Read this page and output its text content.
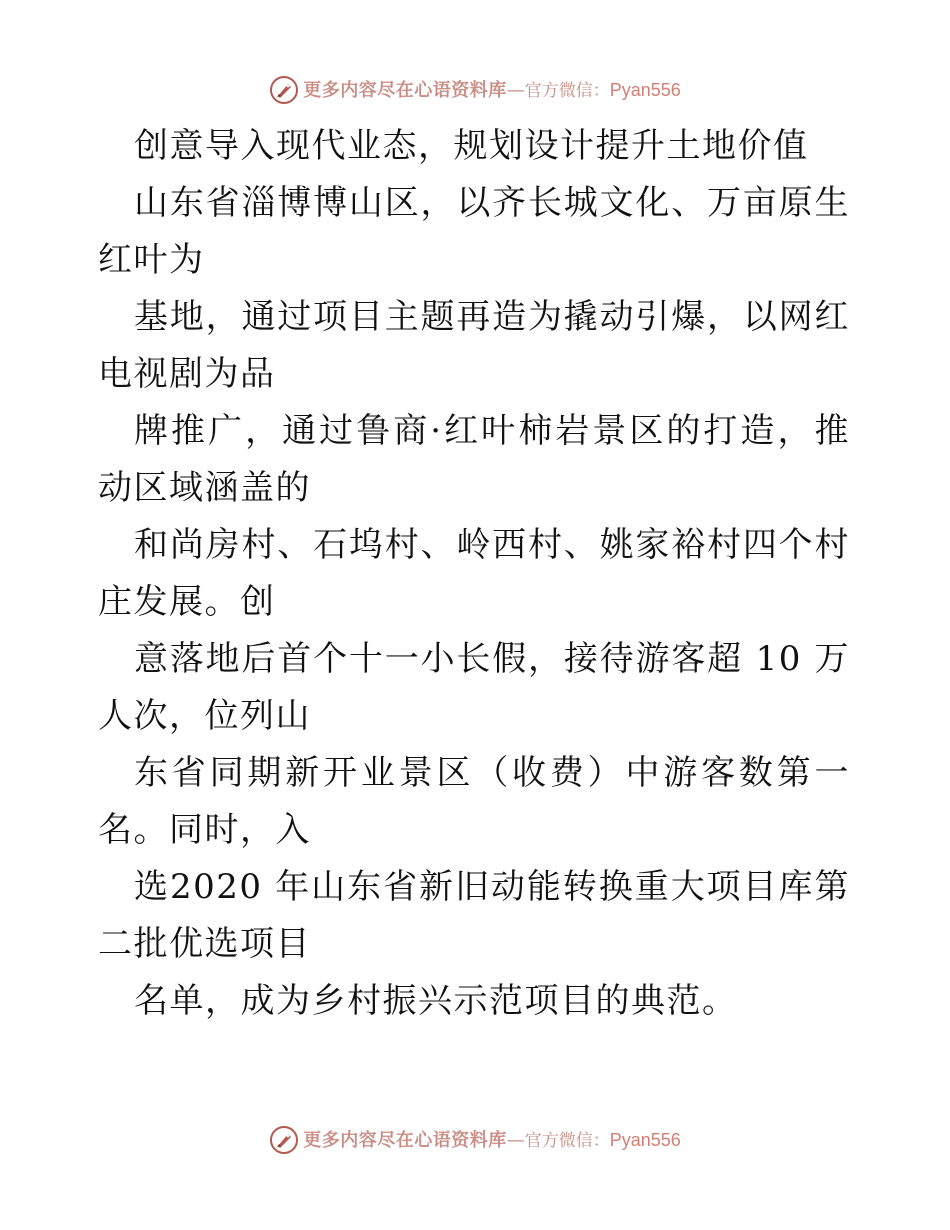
更多内容尽在心语资料库 — 官方微信： Pyan556

创意导入现代业态，规划设计提升土地价值

山东省淄博博山区，以齐长城文化、万亩原生红叶为

基地，通过项目主题再造为撬动引爆，以网红电视剧为品

牌推广，通过鲁商·红叶柿岩景区的打造，推动区域涵盖的

和尚房村、石坞村、岭西村、姚家裕村四个村庄发展。创

意落地后首个十一小长假，接待游客超 10 万人次，位列山

东省同期新开业景区（收费）中游客数第一名。同时，入

选2020 年山东省新旧动能转换重大项目库第二批优选项目

名单，成为乡村振兴示范项目的典范。

更多内容尽在心语资料库 — 官方微信： Pyan556
